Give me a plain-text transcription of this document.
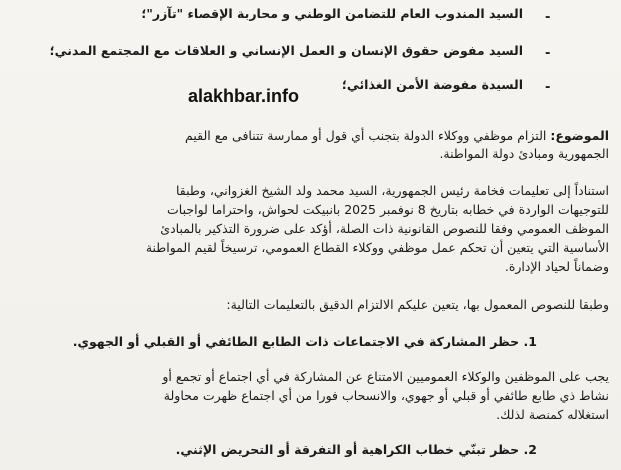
-
السيد المندوب العام للتضامن الوطني و محاربة الإقصاء "تآزر"؛
-
السيد مفوض حقوق الإنسان و العمل الإنساني و العلاقات مع المجتمع المدني؛
-
السيدة مفوضة الأمن الغذائي؛
alakhbar.info
الموضوع: التزام موظفي ووكلاء الدولة بتجنب أي قول أو ممارسة تتنافى مع القيم
الجمهورية ومبادئ دولة المواطنة.
استناداً إلى تعليمات فخامة رئيس الجمهورية، السيد محمد ولد الشيخ الغزواني، وطبقا
للتوجيهات الواردة في خطابه بتاريخ 8 نوفمبر 2025 بانبيكت لحواش، واحتراما لواجبات
الموظف العمومي وفقا للنصوص القانونية ذات الصلة، أؤكد على ضرورة التذكير بالمبادئ
الأساسية التي يتعين أن تحكم عمل موظفي ووكلاء القطاع العمومي، ترسيخاً لقيم المواطنة
وضماناً لحياد الإدارة.
وطبقا للنصوص المعمول بها، يتعين عليكم الالتزام الدقيق بالتعليمات التالية:
1. حظر المشاركة في الاجتماعات ذات الطابع الطائفي أو القبلي أو الجهوي.
يجب على الموظفين والوكلاء العموميين الامتناع عن المشاركة في أي اجتماع أو تجمع أو
نشاط ذي طابع طائفي أو قبلي أو جهوي، والانسحاب فورا من أي اجتماع ظهرت محاولة
استغلاله كمنصة لذلك.
2. حظر تبنّي خطاب الكراهية أو التفرقة أو التحريض الإثني.
